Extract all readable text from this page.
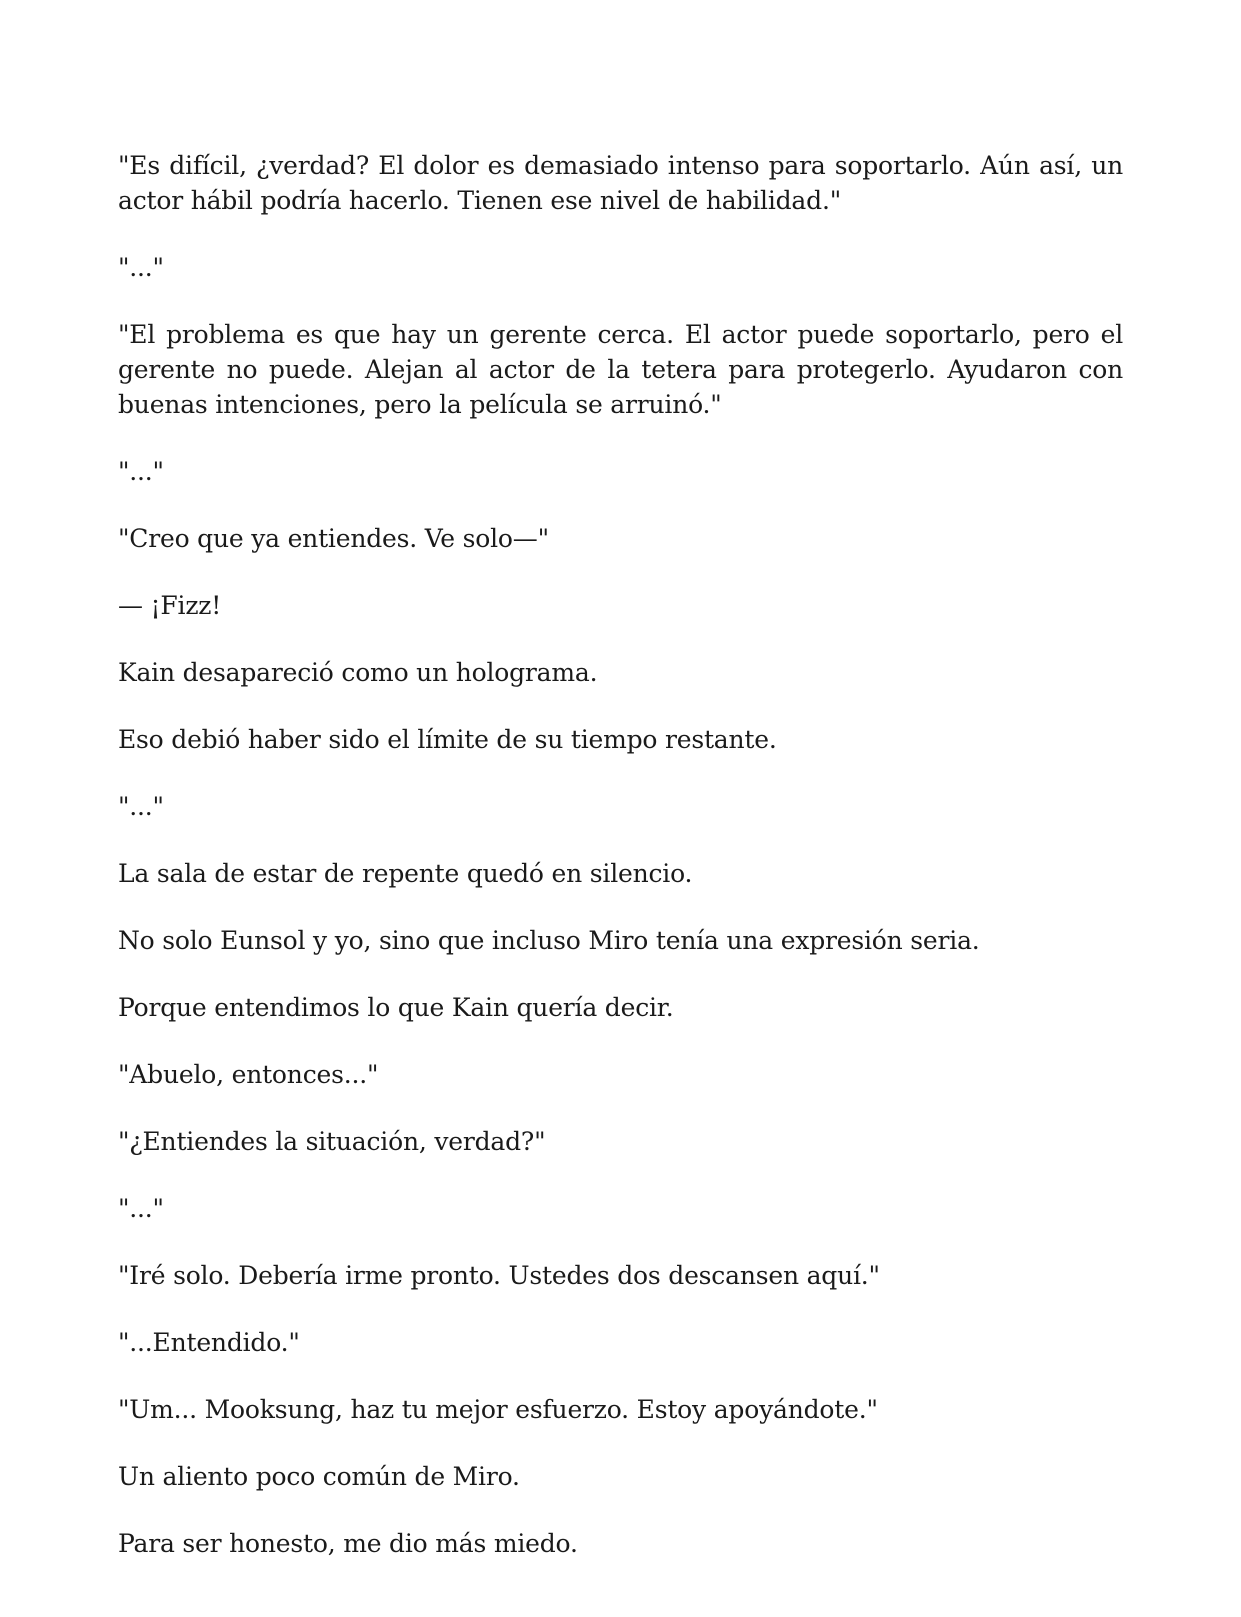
"Es difícil, ¿verdad? El dolor es demasiado intenso para soportarlo. Aún así, un actor hábil podría hacerlo. Tienen ese nivel de habilidad."

"..."

"El problema es que hay un gerente cerca. El actor puede soportarlo, pero el gerente no puede. Alejan al actor de la tetera para protegerlo. Ayudaron con buenas intenciones, pero la película se arruinó."

"..."

"Creo que ya entiendes. Ve solo—"

— ¡Fizz!

Kain desapareció como un holograma.

Eso debió haber sido el límite de su tiempo restante.

"..."

La sala de estar de repente quedó en silencio.

No solo Eunsol y yo, sino que incluso Miro tenía una expresión seria.

Porque entendimos lo que Kain quería decir.

"Abuelo, entonces..."

"¿Entiendes la situación, verdad?"

"..."

"Iré solo. Debería irme pronto. Ustedes dos descansen aquí."

"...Entendido."

"Um... Mooksung, haz tu mejor esfuerzo. Estoy apoyándote."

Un aliento poco común de Miro.

Para ser honesto, me dio más miedo.
